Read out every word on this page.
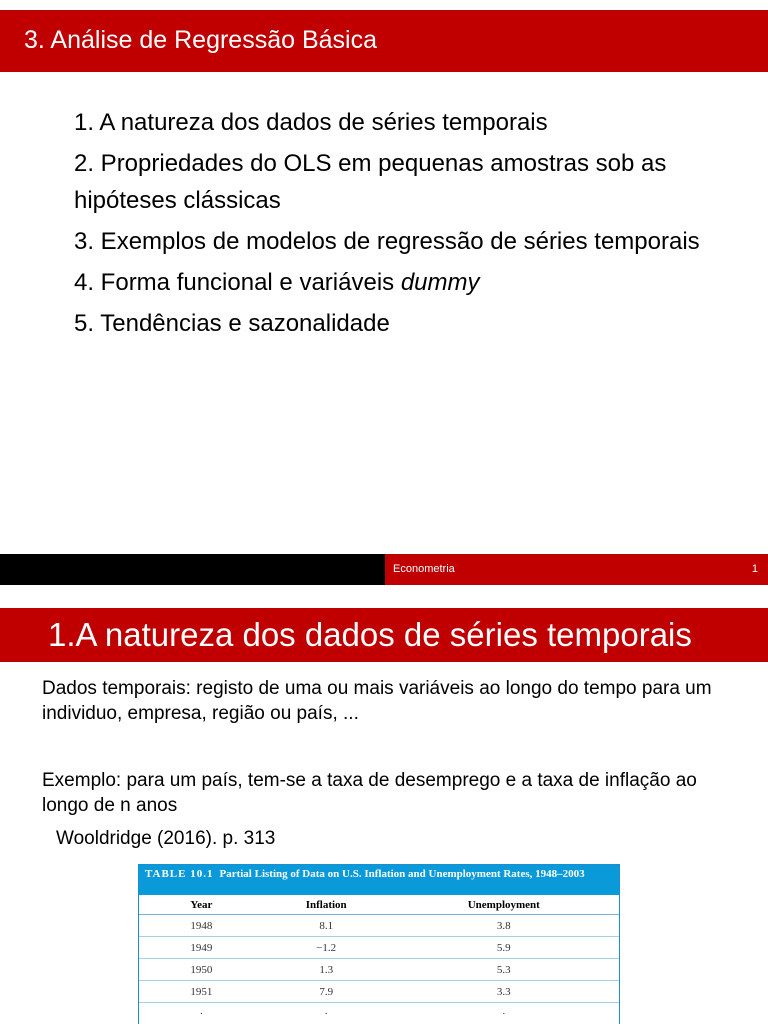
3. Análise de Regressão Básica
1. A natureza dos dados de séries temporais
2. Propriedades do OLS em pequenas amostras sob as hipóteses clássicas
3. Exemplos de modelos de regressão de séries temporais
4. Forma funcional e variáveis dummy
5. Tendências e sazonalidade
Econometria	1
1.A natureza dos dados de séries temporais
Dados temporais: registo de uma ou mais variáveis ao longo do tempo para um individuo, empresa, região ou país, ...
Exemplo: para um país, tem-se a taxa de desemprego e a taxa de inflação ao longo de n anos
Wooldridge (2016). p. 313
TABLE 10.1 Partial Listing of Data on U.S. Inflation and Unemployment Rates, 1948–2003
Year	Inflation	Unemployment
1948	8.1	3.8
1949	−1.2	5.9
1950	1.3	5.3
1951	7.9	3.3
·	·	·
